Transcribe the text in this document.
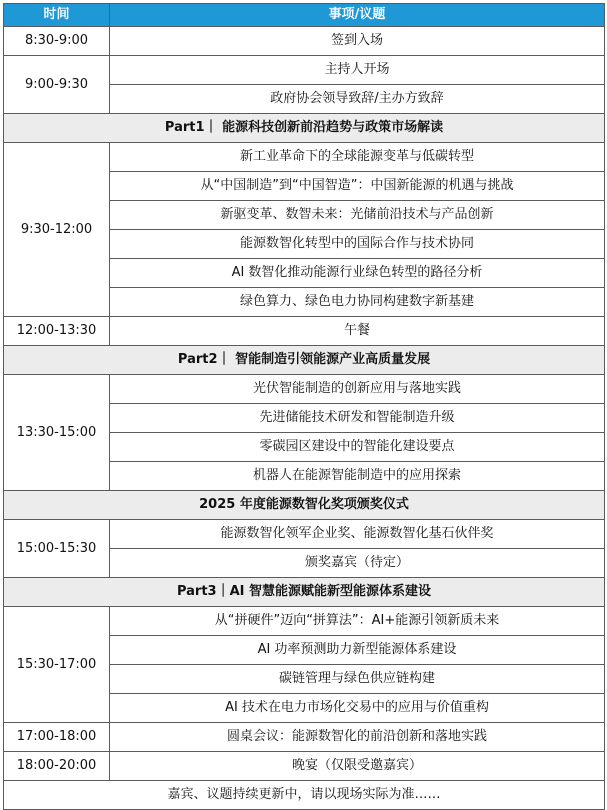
时间	事项/议题
8:30-9:00	签到入场
9:00-9:30	主持人开场
	政府协会领导致辞/主办方致辞
Part1｜ 能源科技创新前沿趋势与政策市场解读	
9:30-12:00	新工业革命下的全球能源变革与低碳转型
	从“中国制造”到“中国智造”：中国新能源的机遇与挑战
	新驱变革、数智未来：光储前沿技术与产品创新
	能源数智化转型中的国际合作与技术协同
	AI 数智化推动能源行业绿色转型的路径分析
	绿色算力、绿色电力协同构建数字新基建
12:00-13:30	午餐
Part2｜ 智能制造引领能源产业高质量发展	
13:30-15:00	光伏智能制造的创新应用与落地实践
	先进储能技术研发和智能制造升级
	零碳园区建设中的智能化建设要点
	机器人在能源智能制造中的应用探索
2025 年度能源数智化奖项颁奖仪式	
15:00-15:30	能源数智化领军企业奖、能源数智化基石伙伴奖
	颁奖嘉宾（待定）
Part3｜AI 智慧能源赋能新型能源体系建设	
15:30-17:00	从“拼硬件”迈向“拼算法”：AI+能源引领新质未来
	AI 功率预测助力新型能源体系建设
	碳链管理与绿色供应链构建
	AI 技术在电力市场化交易中的应用与价值重构
17:00-18:00	圆桌会议：能源数智化的前沿创新和落地实践
18:00-20:00	晚宴（仅限受邀嘉宾）
嘉宾、议题持续更新中，请以现场实际为准……	
